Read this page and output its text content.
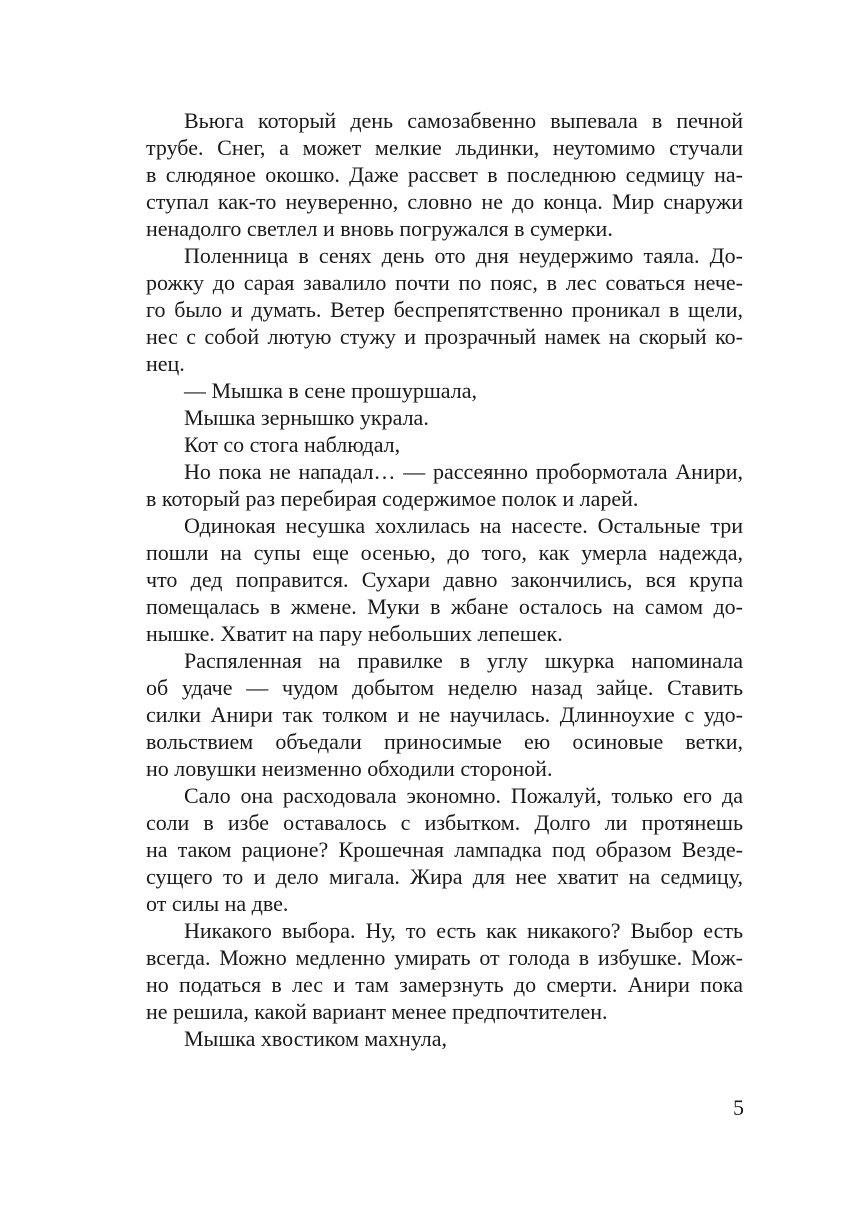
Вьюга который день самозабвенно выпевала в печной
трубе. Снег, а может мелкие льдинки, неутомимо стучали
в слюдяное окошко. Даже рассвет в последнюю седмицу на-
ступал как-то неуверенно, словно не до конца. Мир снаружи
ненадолго светлел и вновь погружался в сумерки.
Поленница в сенях день ото дня неудержимо таяла. До-
рожку до сарая завалило почти по пояс, в лес соваться нече-
го было и думать. Ветер беспрепятственно проникал в щели,
нес с собой лютую стужу и прозрачный намек на скорый ко-
нец.
— Мышка в сене прошуршала,
Мышка зернышко украла.
Кот со стога наблюдал,
Но пока не нападал… — рассеянно пробормотала Анири,
в который раз перебирая содержимое полок и ларей.
Одинокая несушка хохлилась на насесте. Остальные три
пошли на супы еще осенью, до того, как умерла надежда,
что дед поправится. Сухари давно закончились, вся крупа
помещалась в жмене. Муки в жбане осталось на самом до-
нышке. Хватит на пару небольших лепешек.
Распяленная на правилке в углу шкурка напоминала
об удаче — чудом добытом неделю назад зайце. Ставить
силки Анири так толком и не научилась. Длинноухие с удо-
вольствием объедали приносимые ею осиновые ветки,
но ловушки неизменно обходили стороной.
Сало она расходовала экономно. Пожалуй, только его да
соли в избе оставалось с избытком. Долго ли протянешь
на таком рационе? Крошечная лампадка под образом Везде-
сущего то и дело мигала. Жира для нее хватит на седмицу,
от силы на две.
Никакого выбора. Ну, то есть как никакого? Выбор есть
всегда. Можно медленно умирать от голода в избушке. Мож-
но податься в лес и там замерзнуть до смерти. Анири пока
не решила, какой вариант менее предпочтителен.
Мышка хвостиком махнула,
5
